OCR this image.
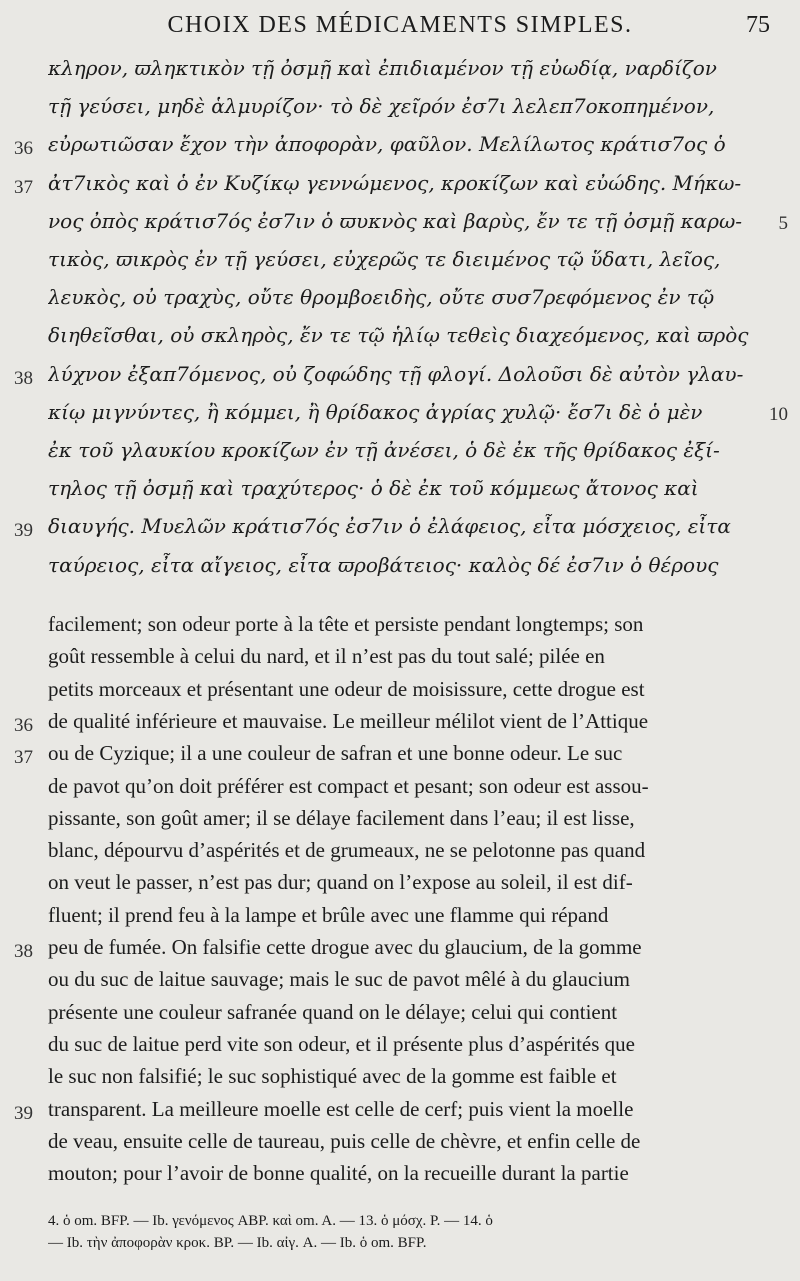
CHOIX DES MÉDICAMENTS SIMPLES.	75
κληρον, ϖληκτικὸν τῇ ὀσμῇ καὶ ἐπιδιαμένον τῇ εὐωδίᾳ, ναρδίζον
τῇ γεύσει, μηδὲ ἁλμυρίζον· τὸ δὲ χεῖρόν ἐσ7ι λελεπ7οκοπημένον,
36 εὐρωτιῶσαν ἔχον τὴν ἀποφορὰν, φαῦλον. Μελίλωτος κράτισ7ος ὁ
37 ἀτ7ικὸς καὶ ὁ ἐν Κυζίκῳ γεννώμενος, κροκίζων καὶ εὐώδης. Μήκω-
νος ὀπὸς κράτισ7ός ἐσ7ιν ὁ ϖυκνὸς καὶ βαρὺς, ἔν τε τῇ ὀσμῇ καρω-	5
τικὸς, ϖικρὸς ἐν τῇ γεύσει, εὐχερῶς τε διειμένος τῷ ὕδατι, λεῖος,
λευκὸς, οὐ τραχὺς, οὔτε θρομβοειδὴς, οὔτε συσ7ρεφόμενος ἐν τῷ
διηθεῖσθαι, οὐ σκληρὸς, ἔν τε τῷ ἡλίῳ τεθεὶς διαχεόμενος, καὶ ϖρὸς
38 λύχνον ἐξαπ7όμενος, οὐ ζοφώδης τῇ φλογί. Δολοῦσι δὲ αὐτὸν γλαυ-
κίῳ μιγνύντες, ἢ κόμμει, ἢ θρίδακος ἀγρίας χυλῷ· ἔσ7ι δὲ ὁ μὲν	10
ἐκ τοῦ γλαυκίου κροκίζων ἐν τῇ ἀνέσει, ὁ δὲ ἐκ τῆς θρίδακος ἐξί-
τηλος τῇ ὀσμῇ καὶ τραχύτερος· ὁ δὲ ἐκ τοῦ κόμμεως ἄτονος καὶ
39 διαυγής. Μυελῶν κράτισ7ός ἐσ7ιν ὁ ἐλάφειος, εἶτα μόσχειος, εἶτα
ταύρειος, εἶτα αἴγειος, εἶτα ϖροβάτειος· καλὸς δέ ἐσ7ιν ὁ θέρους
facilement; son odeur porte à la tête et persiste pendant longtemps; son
goût ressemble à celui du nard, et il n’est pas du tout salé; pilée en
petits morceaux et présentant une odeur de moisissure, cette drogue est
36 de qualité inférieure et mauvaise. Le meilleur mélilot vient de l’Attique
37 ou de Cyzique; il a une couleur de safran et une bonne odeur. Le suc
de pavot qu’on doit préférer est compact et pesant; son odeur est assou-
pissante, son goût amer; il se délaye facilement dans l’eau; il est lisse,
blanc, dépourvu d’aspérités et de grumeaux, ne se pelotonne pas quand
on veut le passer, n’est pas dur; quand on l’expose au soleil, il est dif-
fluent; il prend feu à la lampe et brûle avec une flamme qui répand
38 peu de fumée. On falsifie cette drogue avec du glaucium, de la gomme
ou du suc de laitue sauvage; mais le suc de pavot mêlé à du glaucium
présente une couleur safranée quand on le délaye; celui qui contient
du suc de laitue perd vite son odeur, et il présente plus d’aspérités que
le suc non falsifié; le suc sophistiqué avec de la gomme est faible et
39 transparent. La meilleure moelle est celle de cerf; puis vient la moelle
de veau, ensuite celle de taureau, puis celle de chèvre, et enfin celle de
mouton; pour l’avoir de bonne qualité, on la recueille durant la partie
4. ὁ om. BFP. — Ib. γενόμενος ABP. καὶ om. A. — 13. ὁ μόσχ. P. — 14. ὁ
— Ib. τὴν ἀποφορὰν κροκ. BP. — Ib. αἰγ. A. — Ib. ὁ om. BFP.
